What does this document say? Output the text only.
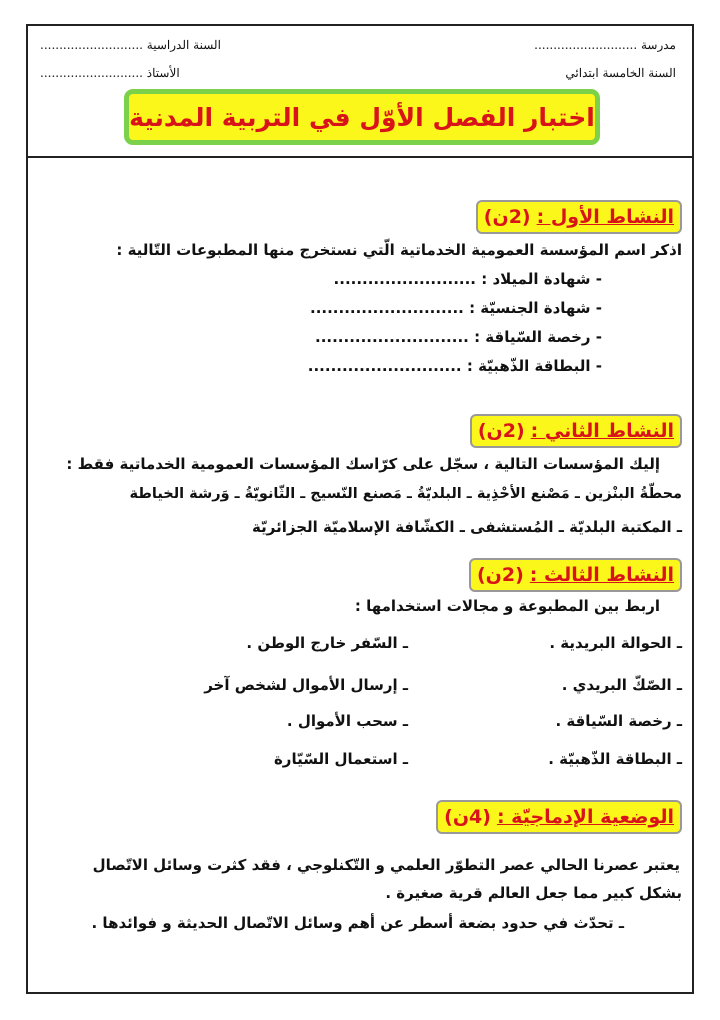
مدرسة ...........................
السنة الدراسية ...........................
السنة الخامسة ابتدائي
الأستاذ ...........................
اختبار الفصل الأوّل في التربية المدنية
النشاط الأول :
(2ن)
اذكر اسم المؤسسة العمومية الخدماتية الّتي نستخرج منها المطبوعات التّالية :
- شهادة الميلاد : .........................
- شهادة الجنسيّة : ...........................
- رخصة السّياقة : ...........................
- البطاقة الذّهبيّة : ...........................
النشاط الثاني :
(2ن)
إليك المؤسسات التالية ، سجّل على كرّاسك المؤسسات العمومية الخدماتية فقط :
محطّةُ البنْزين ـ مَصْنع الأحْذِية ـ البلديّةُ ـ مَصنع النّسيج ـ الثّانويّةُ ـ وَرشة الخياطة
ـ المكتبة البلديّة ـ المُستشفى ـ الكشّافة الإسلاميّة الجزائريّة
النشاط الثالث :
(2ن)
اربط بين المطبوعة و مجالات استخدامها :
ـ الحوالة البريدية .
ـ الصّكّ البريدي .
ـ رخصة السّياقة .
ـ البطاقة الذّهبيّة .
ـ السّفر خارج الوطن .
ـ إرسال الأموال لشخص آخر
ـ سحب الأموال .
ـ استعمال السّيّارة
الوضعية الإدماجيّة :
(4ن)
يعتبر عصرنا الحالي عصر التطوّر العلمي و التّكنلوجي ، فقد كثرت وسائل الاتّصال
بشكل كبير مما جعل العالم قرية صغيرة .
ـ تحدّث في حدود بضعة أسطر عن أهم وسائل الاتّصال الحديثة و فوائدها .
